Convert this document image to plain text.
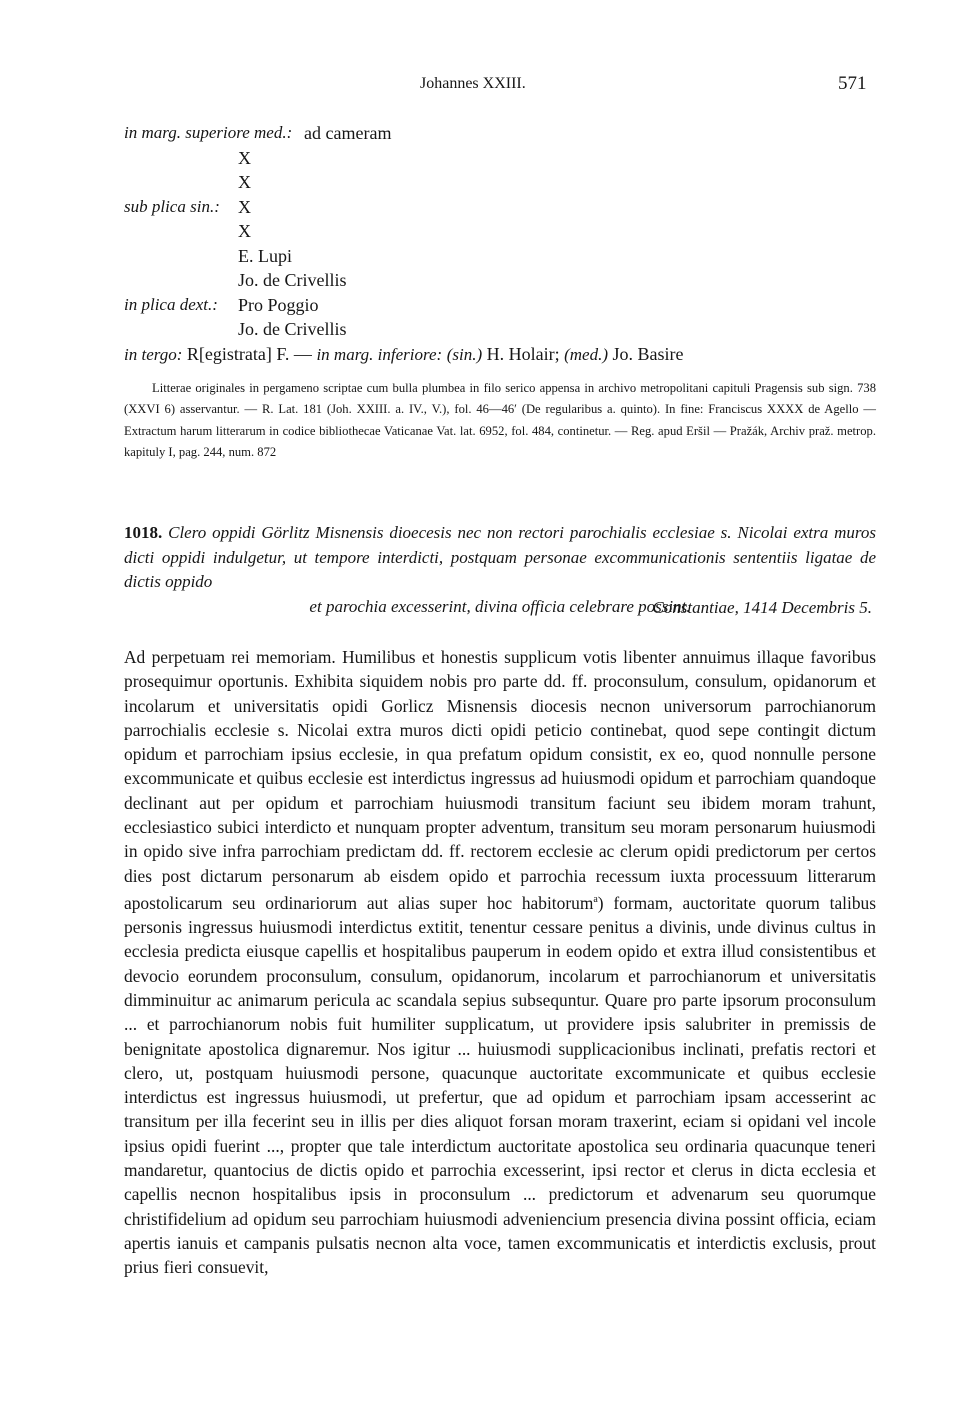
Johannes XXIII.	571
in marg. superiore med.: ad cameram
X
X
sub plica sin.: X
X
E. Lupi
Jo. de Crivellis
in plica dext.: Pro Poggio
Jo. de Crivellis
in tergo: R[egistrata] F. — in marg. inferiore: (sin.) H. Holair; (med.) Jo. Basire

Litterae originales in pergameno scriptae cum bulla plumbea in filo serico appensa in archivo metropolitani capituli Pragensis sub sign. 738 (XXVI 6) asservantur. — R. Lat. 181 (Joh. XXIII. a. IV., V.), fol. 46—46′ (De regularibus a. quinto). In fine: Franciscus XXXX de Agello — Extractum harum litterarum in codice bibliothecae Vaticanae Vat. lat. 6952, fol. 484, continetur. — Reg. apud Eršil — Pražák, Archiv praž. metrop. kapituly I, pag. 244, num. 872

1018. Clero oppidi Görlitz Misnensis dioecesis nec non rectori parochialis ecclesiae s. Nicolai extra muros dicti oppidi indulgetur, ut tempore interdicti, postquam personae excommunicationis sententiis ligatae de dictis oppido
et parochia excesserint, divina officia celebrare possint.
Constantiae, 1414 Decembris 5.

Ad perpetuam rei memoriam. Humilibus et honestis supplicum votis libenter annuimus illaque favoribus prosequimur oportunis. Exhibita siquidem nobis pro parte dd. ff. proconsulum, consulum, opidanorum et incolarum et universitatis opidi Gorlicz Misnensis diocesis necnon universorum parrochianorum parrochialis ecclesie s. Nicolai extra muros dicti opidi peticio continebat, quod sepe contingit dictum opidum et parrochiam ipsius ecclesie, in qua prefatum opidum consistit, ex eo, quod nonnulle persone excommunicate et quibus ecclesie est interdictus ingressus ad huiusmodi opidum et parrochiam quandoque declinant aut per opidum et parrochiam huiusmodi transitum faciunt seu ibidem moram trahunt, ecclesiastico subici interdicto et nunquam propter adventum, transitum seu moram personarum huiusmodi in opido sive infra parrochiam predictam dd. ff. rectorem ecclesie ac clerum opidi predictorum per certos dies post dictarum personarum ab eisdem opido et parrochia recessum iuxta processuum litterarum apostolicarum seu ordinariorum aut alias super hoc habitorum$^a$) formam, auctoritate quorum talibus personis ingressus huiusmodi interdictus extitit, tenentur cessare penitus a divinis, unde divinus cultus in ecclesia predicta eiusque capellis et hospitalibus pauperum in eodem opido et extra illud consistentibus et devocio eorundem proconsulum, consulum, opidanorum, incolarum et parrochianorum et universitatis dimminuitur ac animarum pericula ac scandala sepius subsequntur. Quare pro parte ipsorum proconsulum ... et parrochianorum nobis fuit humiliter supplicatum, ut providere ipsis salubriter in premissis de benignitate apostolica dignaremur. Nos igitur ... huiusmodi supplicacionibus inclinati, prefatis rectori et clero, ut, postquam huiusmodi persone, quacunque auctoritate excommunicate et quibus ecclesie interdictus est ingressus huiusmodi, ut prefertur, que ad opidum et parrochiam ipsam accesserint ac transitum per illa fecerint seu in illis per dies aliquot forsan moram traxerint, eciam si opidani vel incole ipsius opidi fuerint ..., propter que tale interdictum auctoritate apostolica seu ordinaria quacunque teneri mandaretur, quantocius de dictis opido et parrochia excesserint, ipsi rector et clerus in dicta ecclesia et capellis necnon hospitalibus ipsis in proconsulum ... predictorum et advenarum seu quorumque christifidelium ad opidum seu parrochiam huiusmodi adveniencium presencia divina possint officia, eciam apertis ianuis et campanis pulsatis necnon alta voce, tamen excommunicatis et interdictis exclusis, prout prius fieri consuevit,
